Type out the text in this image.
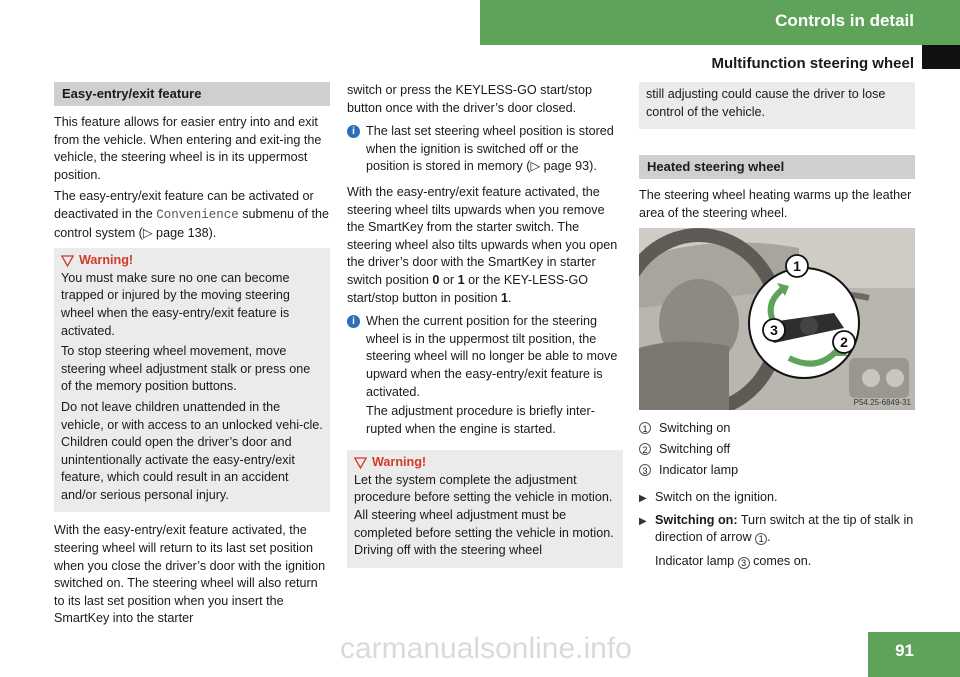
Controls in detail
Multifunction steering wheel
Easy-entry/exit feature

This feature allows for easier entry into and exit from the vehicle. When entering and exit-ing the vehicle, the steering wheel is in its uppermost position.

The easy-entry/exit feature can be activated or deactivated in the Convenience submenu of the control system (▷ page 138).

Warning!

You must make sure no one can become trapped or injured by the moving steering wheel when the easy-entry/exit feature is activated.

To stop steering wheel movement, move steering wheel adjustment stalk or press one of the memory position buttons.

Do not leave children unattended in the vehicle, or with access to an unlocked vehi-cle. Children could open the driver’s door and unintentionally activate the easy-entry/exit feature, which could result in an accident and/or serious personal injury.

With the easy-entry/exit feature activated, the steering wheel will return to its last set position when you close the driver’s door with the ignition switched on. The steering wheel will also return to its last set position when you insert the SmartKey into the starter

switch or press the KEYLESS-GO start/stop button once with the driver’s door closed.

i The last set steering wheel position is stored when the ignition is switched off or the position is stored in memory (▷ page 93).

With the easy-entry/exit feature activated, the steering wheel tilts upwards when you remove the SmartKey from the starter switch. The steering wheel also tilts upwards when you open the driver’s door with the SmartKey in starter switch position 0 or 1 or the KEY-LESS-GO start/stop button in position 1.

i When the current position for the steering wheel is in the uppermost tilt position, the steering wheel will no longer be able to move upward when the easy-entry/exit feature is activated.

The adjustment procedure is briefly inter-rupted when the engine is started.

Warning!

Let the system complete the adjustment procedure before setting the vehicle in motion. All steering wheel adjustment must be completed before setting the vehicle in motion. Driving off with the steering wheel

still adjusting could cause the driver to lose control of the vehicle.

Heated steering wheel

The steering wheel heating warms up the leather area of the steering wheel.

1
3
2
P54.25-6849-31
1 Switching on
2 Switching off
3 Indicator lamp
▶ Switch on the ignition.
▶ Switching on: Turn switch at the tip of stalk in direction of arrow 1 .

Indicator lamp 3 comes on.

91
carmanualsonline.info
